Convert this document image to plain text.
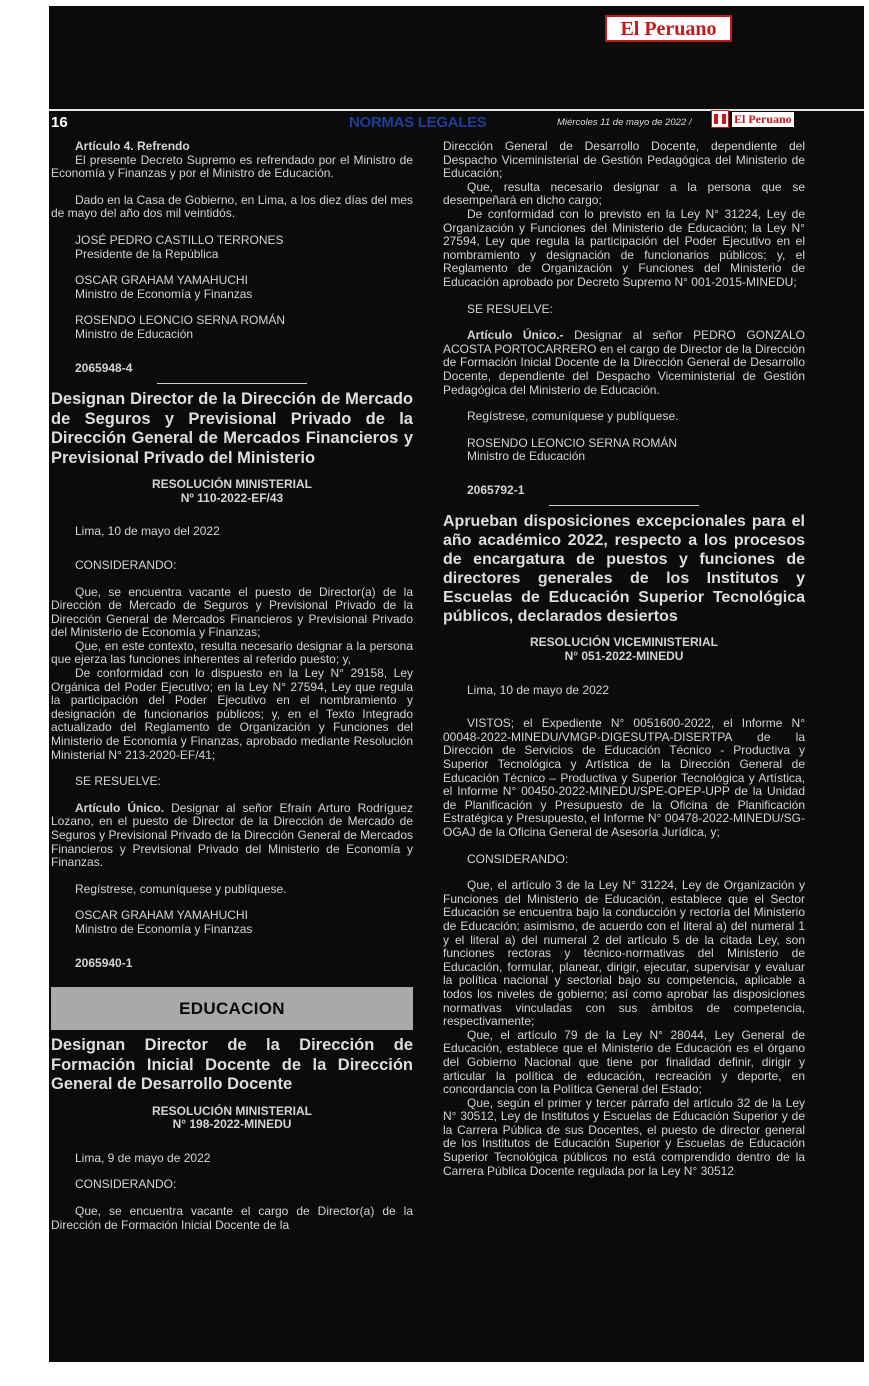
El Peruano
16	NORMAS LEGALES	Miércoles 11 de mayo de 2022 /	El Peruano

Artículo 4. Refrendo

El presente Decreto Supremo es refrendado por el Ministro de Economía y Finanzas y por el Ministro de Educación.

Dado en la Casa de Gobierno, en Lima, a los diez días del mes de mayo del año dos mil veintidós.

JOSÉ PEDRO CASTILLO TERRONES

Presidente de la República

OSCAR GRAHAM YAMAHUCHI

Ministro de Economía y Finanzas

ROSENDO LEONCIO SERNA ROMÁN

Ministro de Educación

2065948-4

Designan Director de la Dirección de Mercado de Seguros y Previsional Privado de la Dirección General de Mercados Financieros y Previsional Privado del Ministerio

RESOLUCIÓN MINISTERIAL

Nº 110-2022-EF/43

Lima, 10 de mayo del 2022

CONSIDERANDO:

Que, se encuentra vacante el puesto de Director(a) de la Dirección de Mercado de Seguros y Previsional Privado de la Dirección General de Mercados Financieros y Previsional Privado del Ministerio de Economía y Finanzas;

Que, en este contexto, resulta necesario designar a la persona que ejerza las funciones inherentes al referido puesto; y,

De conformidad con lo dispuesto en la Ley N° 29158, Ley Orgánica del Poder Ejecutivo; en la Ley N° 27594, Ley que regula la participación del Poder Ejecutivo en el nombramiento y designación de funcionarios públicos; y, en el Texto Integrado actualizado del Reglamento de Organización y Funciones del Ministerio de Economía y Finanzas, aprobado mediante Resolución Ministerial N° 213-2020-EF/41;

SE RESUELVE:

Artículo Único. Designar al señor Efraín Arturo Rodríguez Lozano, en el puesto de Director de la Dirección de Mercado de Seguros y Previsional Privado de la Dirección General de Mercados Financieros y Previsional Privado del Ministerio de Economía y Finanzas.

Regístrese, comuníquese y publíquese.

OSCAR GRAHAM YAMAHUCHI

Ministro de Economía y Finanzas

2065940-1

EDUCACION
Designan Director de la Dirección de Formación Inicial Docente de la Dirección General de Desarrollo Docente

RESOLUCIÓN MINISTERIAL

N° 198-2022-MINEDU

Lima, 9 de mayo de 2022

CONSIDERANDO:

Que, se encuentra vacante el cargo de Director(a) de la Dirección de Formación Inicial Docente de la

Dirección General de Desarrollo Docente, dependiente del Despacho Viceministerial de Gestión Pedagógica del Ministerio de Educación;

Que, resulta necesario designar a la persona que se desempeñará en dicho cargo;

De conformidad con lo previsto en la Ley N° 31224, Ley de Organización y Funciones del Ministerio de Educación; la Ley N° 27594, Ley que regula la participación del Poder Ejecutivo en el nombramiento y designación de funcionarios públicos; y, el Reglamento de Organización y Funciones del Ministerio de Educación aprobado por Decreto Supremo N° 001-2015-MINEDU;

SE RESUELVE:

Artículo Único.- Designar al señor PEDRO GONZALO ACOSTA PORTOCARRERO en el cargo de Director de la Dirección de Formación Inicial Docente de la Dirección General de Desarrollo Docente, dependiente del Despacho Viceministerial de Gestión Pedagógica del Ministerio de Educación.

Regístrese, comuníquese y publíquese.

ROSENDO LEONCIO SERNA ROMÁN

Ministro de Educación

2065792-1

Aprueban disposiciones excepcionales para el año académico 2022, respecto a los procesos de encargatura de puestos y funciones de directores generales de los Institutos y Escuelas de Educación Superior Tecnológica públicos, declarados desiertos

RESOLUCIÓN VICEMINISTERIAL

N° 051-2022-MINEDU

Lima, 10 de mayo de 2022

VISTOS; el Expediente N° 0051600-2022, el Informe N° 00048-2022-MINEDU/VMGP-DIGESUTPA-DISERTPA de la Dirección de Servicios de Educación Técnico - Productiva y Superior Tecnológica y Artística de la Dirección General de Educación Técnico – Productiva y Superior Tecnológica y Artística, el Informe N° 00450-2022-MINEDU/SPE-OPEP-UPP de la Unidad de Planificación y Presupuesto de la Oficina de Planificación Estratégica y Presupuesto, el Informe N° 00478-2022-MINEDU/SG-OGAJ de la Oficina General de Asesoría Jurídica, y;

CONSIDERANDO:

Que, el artículo 3 de la Ley N° 31224, Ley de Organización y Funciones del Ministerio de Educación, establece que el Sector Educación se encuentra bajo la conducción y rectoría del Ministerio de Educación; asimismo, de acuerdo con el literal a) del numeral 1 y el literal a) del numeral 2 del artículo 5 de la citada Ley, son funciones rectoras y técnico-normativas del Ministerio de Educación, formular, planear, dirigir, ejecutar, supervisar y evaluar la política nacional y sectorial bajo su competencia, aplicable a todos los niveles de gobierno; así como aprobar las disposiciones normativas vinculadas con sus ámbitos de competencia, respectivamente;

Que, el artículo 79 de la Ley N° 28044, Ley General de Educación, establece que el Ministerio de Educación es el órgano del Gobierno Nacional que tiene por finalidad definir, dirigir y articular la política de educación, recreación y deporte, en concordancia con la Política General del Estado;

Que, según el primer y tercer párrafo del artículo 32 de la Ley N° 30512, Ley de Institutos y Escuelas de Educación Superior y de la Carrera Pública de sus Docentes, el puesto de director general de los Institutos de Educación Superior y Escuelas de Educación Superior Tecnológica públicos no está comprendido dentro de la Carrera Pública Docente regulada por la Ley N° 30512
